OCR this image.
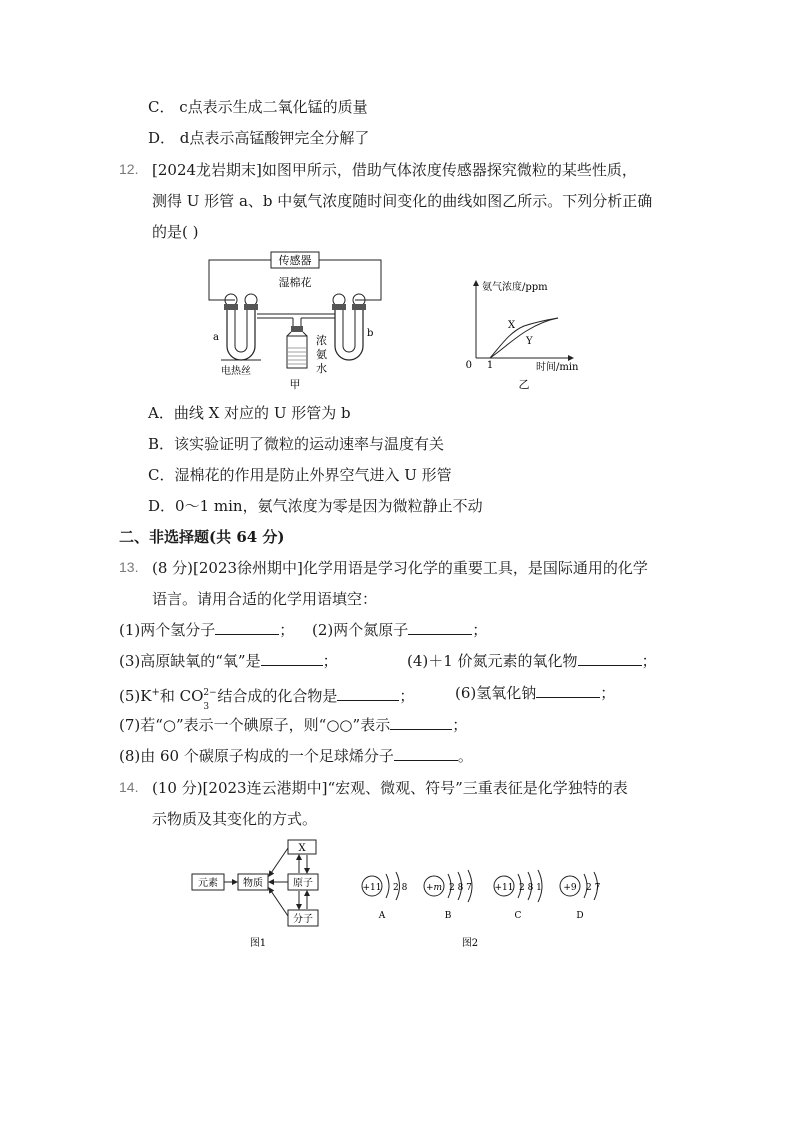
C． c点表示生成二氧化锰的质量
D． d点表示高锰酸钾完全分解了
12. [2024龙岩期末]如图甲所示，借助气体浓度传感器探究微粒的某些性质，
测得 U 形管 a、b 中氨气浓度随时间变化的曲线如图乙所示。下列分析正确
的是( )
传感器
湿棉花
a
电热丝
b
浓
氨
水
甲
氨气浓度/ppm
时间/min
0 1
X
Y
乙
A．曲线 X 对应的 U 形管为 b
B．该实验证明了微粒的运动速率与温度有关
C．湿棉花的作用是防止外界空气进入 U 形管
D．0～1 min，氨气浓度为零是因为微粒静止不动
二、非选择题(共 64 分)
13. (8 分)[2023徐州期中]化学用语是学习化学的重要工具，是国际通用的化学
语言。请用合适的化学用语填空：
(1)两个氢分子	； (2)两个氮原子	；
(3)高原缺氧的“氧”是	；	(4)＋1 价氮元素的氧化物	；
(5)K+和 CO 2−
3
结合成的化合物是	；	(6)氢氧化钠	；
(7)若“○”表示一个碘原子，则“○○”表示	；
(8)由 60 个碳原子构成的一个足球烯分子	。
14. (10 分)[2023连云港期中]“宏观、微观、符号”三重表征是化学独特的表
示物质及其变化的方式。
元素	物质
X
原子
分子
图1
+11 2 8
A
+m 2 8 7
B
+11 2 8 1
C
+9 2 7
D
图2
